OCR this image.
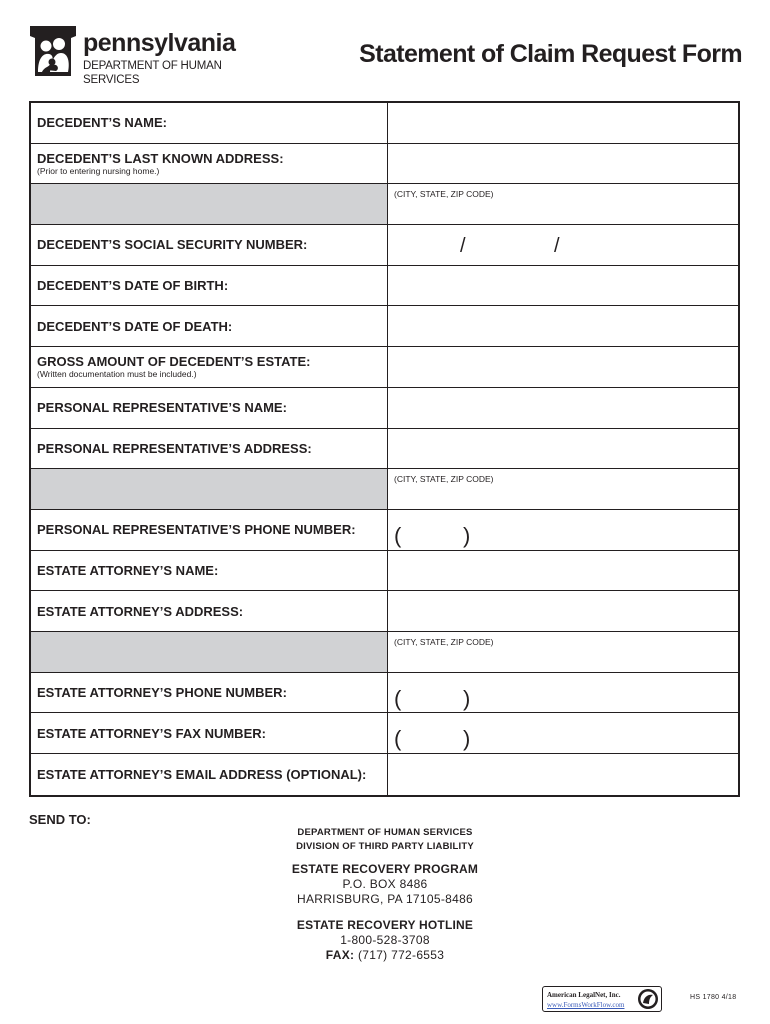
pennsylvania
DEPARTMENT OF HUMAN SERVICES
Statement of Claim Request Form
DECEDENT’S NAME:
DECEDENT’S LAST KNOWN ADDRESS:
(Prior to entering nursing home.)
(CITY, STATE, ZIP CODE)
DECEDENT’S SOCIAL SECURITY NUMBER:	/	/
DECEDENT’S DATE OF BIRTH:
DECEDENT’S DATE OF DEATH:
GROSS AMOUNT OF DECEDENT’S ESTATE:
(Written documentation must be included.)
PERSONAL REPRESENTATIVE’S NAME:
PERSONAL REPRESENTATIVE’S ADDRESS:
(CITY, STATE, ZIP CODE)
PERSONAL REPRESENTATIVE’S PHONE NUMBER:	(	)
ESTATE ATTORNEY’S NAME:
ESTATE ATTORNEY’S ADDRESS:
(CITY, STATE, ZIP CODE)
ESTATE ATTORNEY’S PHONE NUMBER:	(	)
ESTATE ATTORNEY’S FAX NUMBER:	(	)
ESTATE ATTORNEY’S EMAIL ADDRESS (OPTIONAL):
SEND TO:
DEPARTMENT OF HUMAN SERVICES
DIVISION OF THIRD PARTY LIABILITY
ESTATE RECOVERY PROGRAM
P.O. BOX 8486
HARRISBURG, PA 17105-8486
ESTATE RECOVERY HOTLINE
1-800-528-3708
FAX: (717) 772-6553
American LegalNet, Inc.
www.FormsWorkFlow.com
HS 1780 4/18
